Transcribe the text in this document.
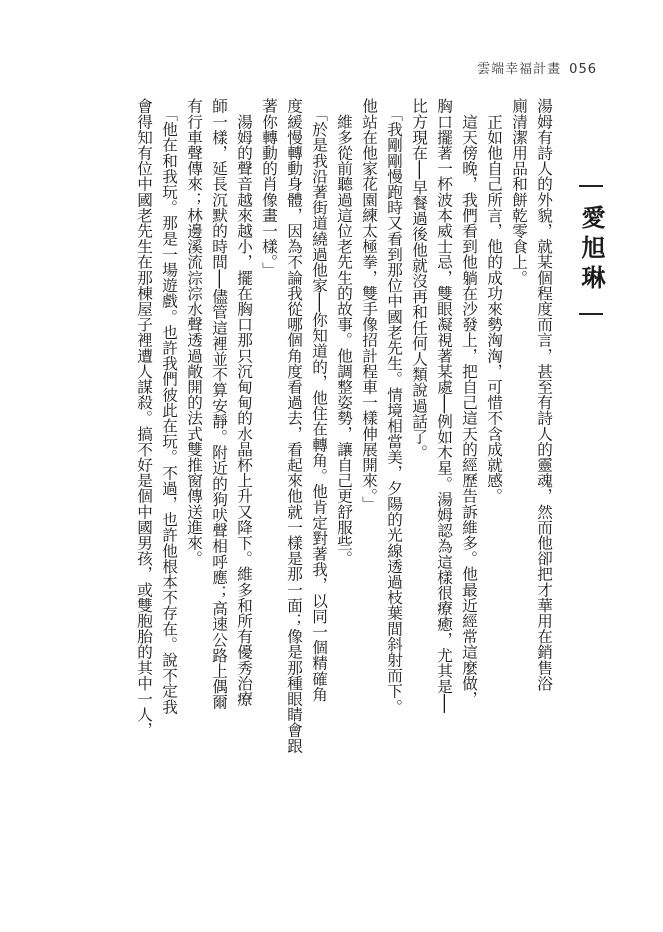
雲端幸福計畫 056
愛旭琳

湯姆有詩人的外貌，就某個程度而言，甚至有詩人的靈魂，然而他卻把才華用在銷售浴

廁清潔用品和餅乾零食上。

　正如他自己所言，他的成功來勢洶洶，可惜不含成就感。

　這天傍晚，我們看到他躺在沙發上，把自己這天的經歷告訴維多。他最近經常這麼做，

胸口擺著一杯波本威士忌，雙眼凝視著某處──例如木星。湯姆認為這樣很療癒，尤其是──

比方現在──早餐過後他就沒再和任何人類說過話了。

　「我剛剛慢跑時又看到那位中國老先生。情境相當美，夕陽的光線透過枝葉間斜射而下。

他站在他家花園練太極拳，雙手像招計程車一樣伸展開來。」

　維多從前聽過這位老先生的故事。他調整姿勢，讓自己更舒服些。

　「於是我沿著街道繞過他家──你知道的，他住在轉角。他肯定對著我，以同一個精確角

度緩慢轉動身體，因為不論我從哪個角度看過去，看起來他就一樣是那一面；像是那種眼睛會跟

著你轉動的肖像畫一樣。」

　湯姆的聲音越來越小，擺在胸口那只沉甸甸的水晶杯上升又降下。維多和所有優秀治療

師一樣，延長沉默的時間──儘管這裡並不算安靜。附近的狗吠聲相呼應；高速公路上偶爾

有行車聲傳來；林邊溪流淙淙水聲透過敞開的法式雙推窗傳送進來。

　「他在和我玩。那是一場遊戲。也許我們彼此在玩。不過，也許他根本不存在。說不定我

會得知有位中國老先生在那棟屋子裡遭人謀殺。搞不好是個中國男孩，或雙胞胎的其中一人，
